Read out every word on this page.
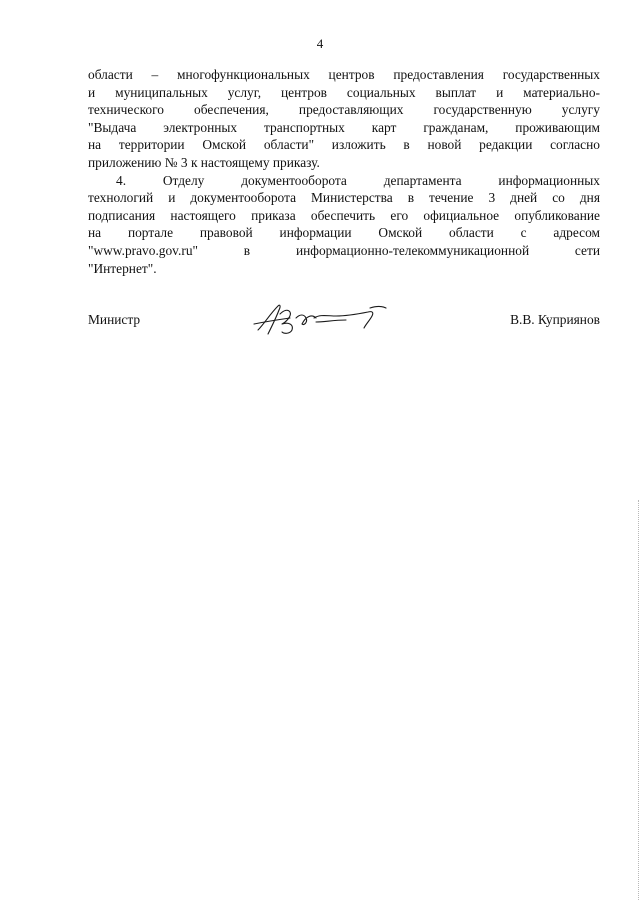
4
области – многофункциональных центров предоставления государственных
и муниципальных услуг, центров социальных выплат и материально-
технического обеспечения, предоставляющих государственную услугу
"Выдача электронных транспортных карт гражданам, проживающим
на территории Омской области" изложить в новой редакции согласно
приложению № 3 к настоящему приказу.
4. Отделу документооборота департамента информационных
технологий и документооборота Министерства в течение 3 дней со дня
подписания настоящего приказа обеспечить его официальное опубликование
на портале правовой информации Омской области с адресом
"www.pravo.gov.ru" в информационно-телекоммуникационной сети
"Интернет".
Министр	В.В. Куприянов
